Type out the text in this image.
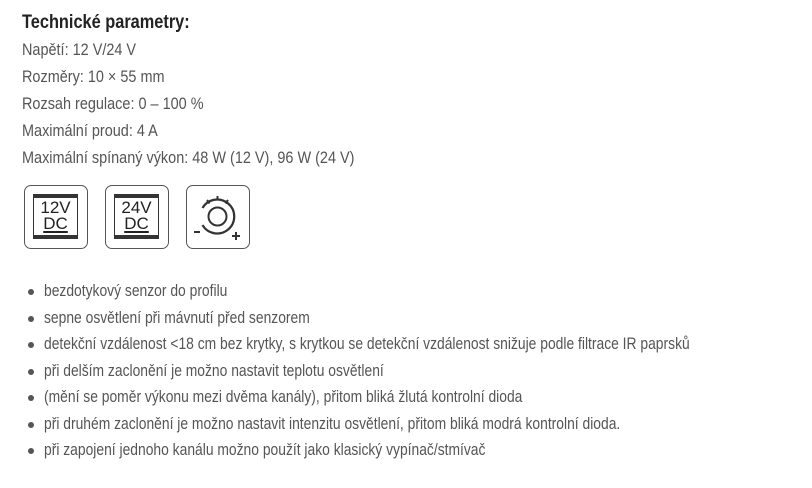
Technické parametry:
Napětí: 12 V/24 V
Rozměry: 10 × 55 mm
Rozsah regulace: 0 – 100 %
Maximální proud: 4 A
Maximální spínaný výkon: 48 W (12 V), 96 W (24 V)
12V
DC
24V
DC
bezdotykový senzor do profilu
sepne osvětlení při mávnutí před senzorem
detekční vzdálenost <18 cm bez krytky, s krytkou se detekční vzdálenost snižuje podle filtrace IR paprsků
při delším zaclonění je možno nastavit teplotu osvětlení
(mění se poměr výkonu mezi dvěma kanály), přitom bliká žlutá kontrolní dioda
při druhém zaclonění je možno nastavit intenzitu osvětlení, přitom bliká modrá kontrolní dioda.
při zapojení jednoho kanálu možno použít jako klasický vypínač/stmívač
